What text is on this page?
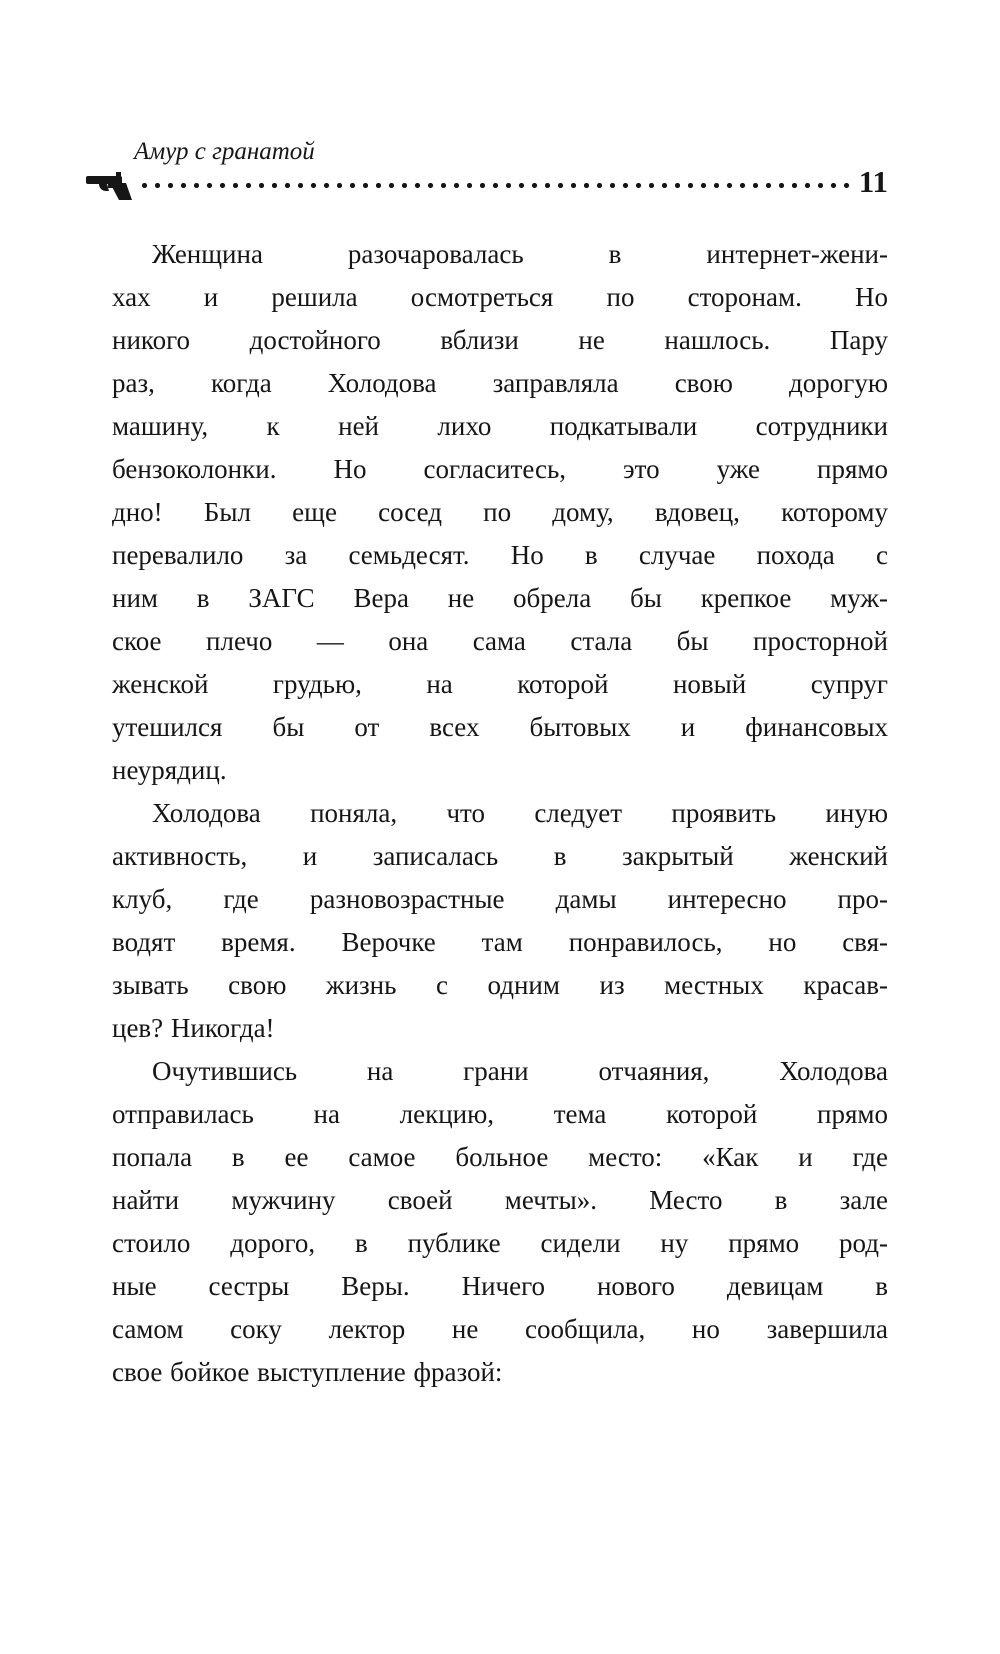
Амур с гранатой
11
Женщина разочаровалась в интернет-жени-
хах и решила осмотреться по сторонам. Но
никого достойного вблизи не нашлось. Пару
раз, когда Холодова заправляла свою дорогую
машину, к ней лихо подкатывали сотрудники
бензоколонки. Но согласитесь, это уже прямо
дно! Был еще сосед по дому, вдовец, которому
перевалило за семьдесят. Но в случае похода с
ним в ЗАГС Вера не обрела бы крепкое муж-
ское плечо — она сама стала бы просторной
женской грудью, на которой новый супруг
утешился бы от всех бытовых и финансовых
неурядиц.
Холодова поняла, что следует проявить иную
активность, и записалась в закрытый женский
клуб, где разновозрастные дамы интересно про-
водят время. Верочке там понравилось, но свя-
зывать свою жизнь с одним из местных красав-
цев? Никогда!
Очутившись на грани отчаяния, Холодова
отправилась на лекцию, тема которой прямо
попала в ее самое больное место: «Как и где
найти мужчину своей мечты». Место в зале
стоило дорого, в публике сидели ну прямо род-
ные сестры Веры. Ничего нового девицам в
самом соку лектор не сообщила, но завершила
свое бойкое выступление фразой:
